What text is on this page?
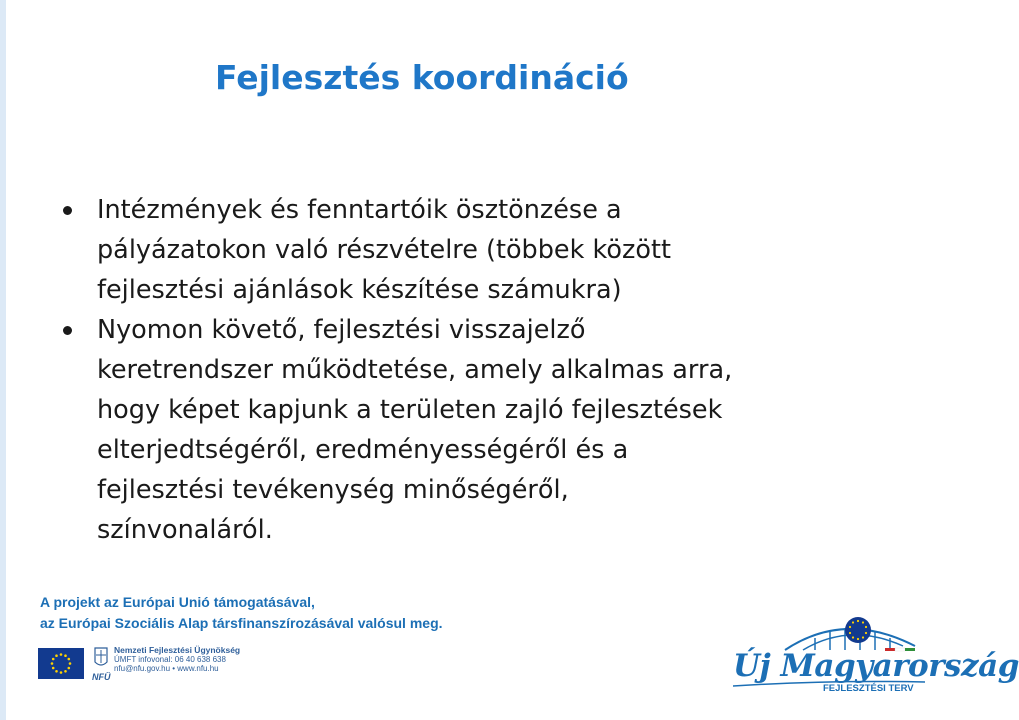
Fejlesztés koordináció
Intézmények és fenntartóik ösztönzése a
pályázatokon való részvételre (többek között
fejlesztési ajánlások készítése számukra)
Nyomon követő, fejlesztési visszajelző
keretrendszer működtetése, amely alkalmas arra,
hogy képet kapjunk a területen zajló fejlesztések
elterjedtségéről, eredményességéről és a
fejlesztési tevékenység minőségéről,
színvonaláról.
A projekt az Európai Unió támogatásával,
az Európai Szociális Alap társfinanszírozásával valósul meg.
Nemzeti Fejlesztési Ügynökség
ÚMFT infovonal: 06 40 638 638
nfu@nfu.gov.hu • www.nfu.hu
NFÜ	Új Magyarország
FEJLESZTÉSI TERV
